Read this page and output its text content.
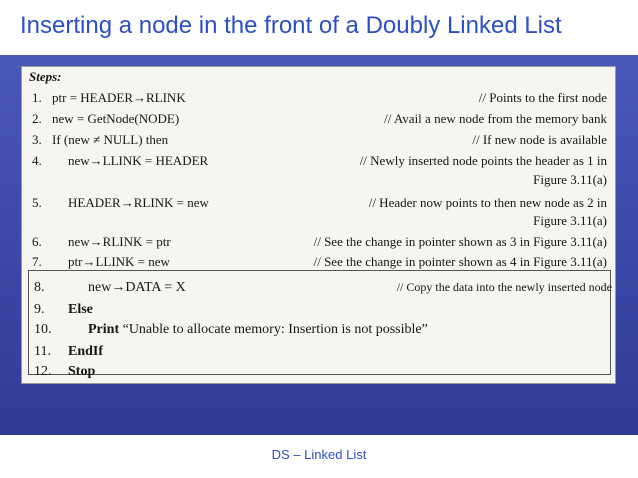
Inserting a node in the front of a Doubly Linked List
Steps:
1. ptr = HEADER→RLINK	// Points to the first node
2. new = GetNode(NODE)	// Avail a new node from the memory bank
3. If (new ≠ NULL) then	// If new node is available
4. new→LLINK = HEADER	// Newly inserted node points the header as 1 in
Figure 3.11(a)
5. HEADER→RLINK = new	// Header now points to then new node as 2 in
Figure 3.11(a)
6. new→RLINK = ptr	// See the change in pointer shown as 3 in Figure 3.11(a)
7. ptr→LLINK = new	// See the change in pointer shown as 4 in Figure 3.11(a)
8.	new→DATA = X	// Copy the data into the newly inserted node
9. Else
10.	Print “Unable to allocate memory: Insertion is not possible”
11. EndIf
12. Stop
DS – Linked List
